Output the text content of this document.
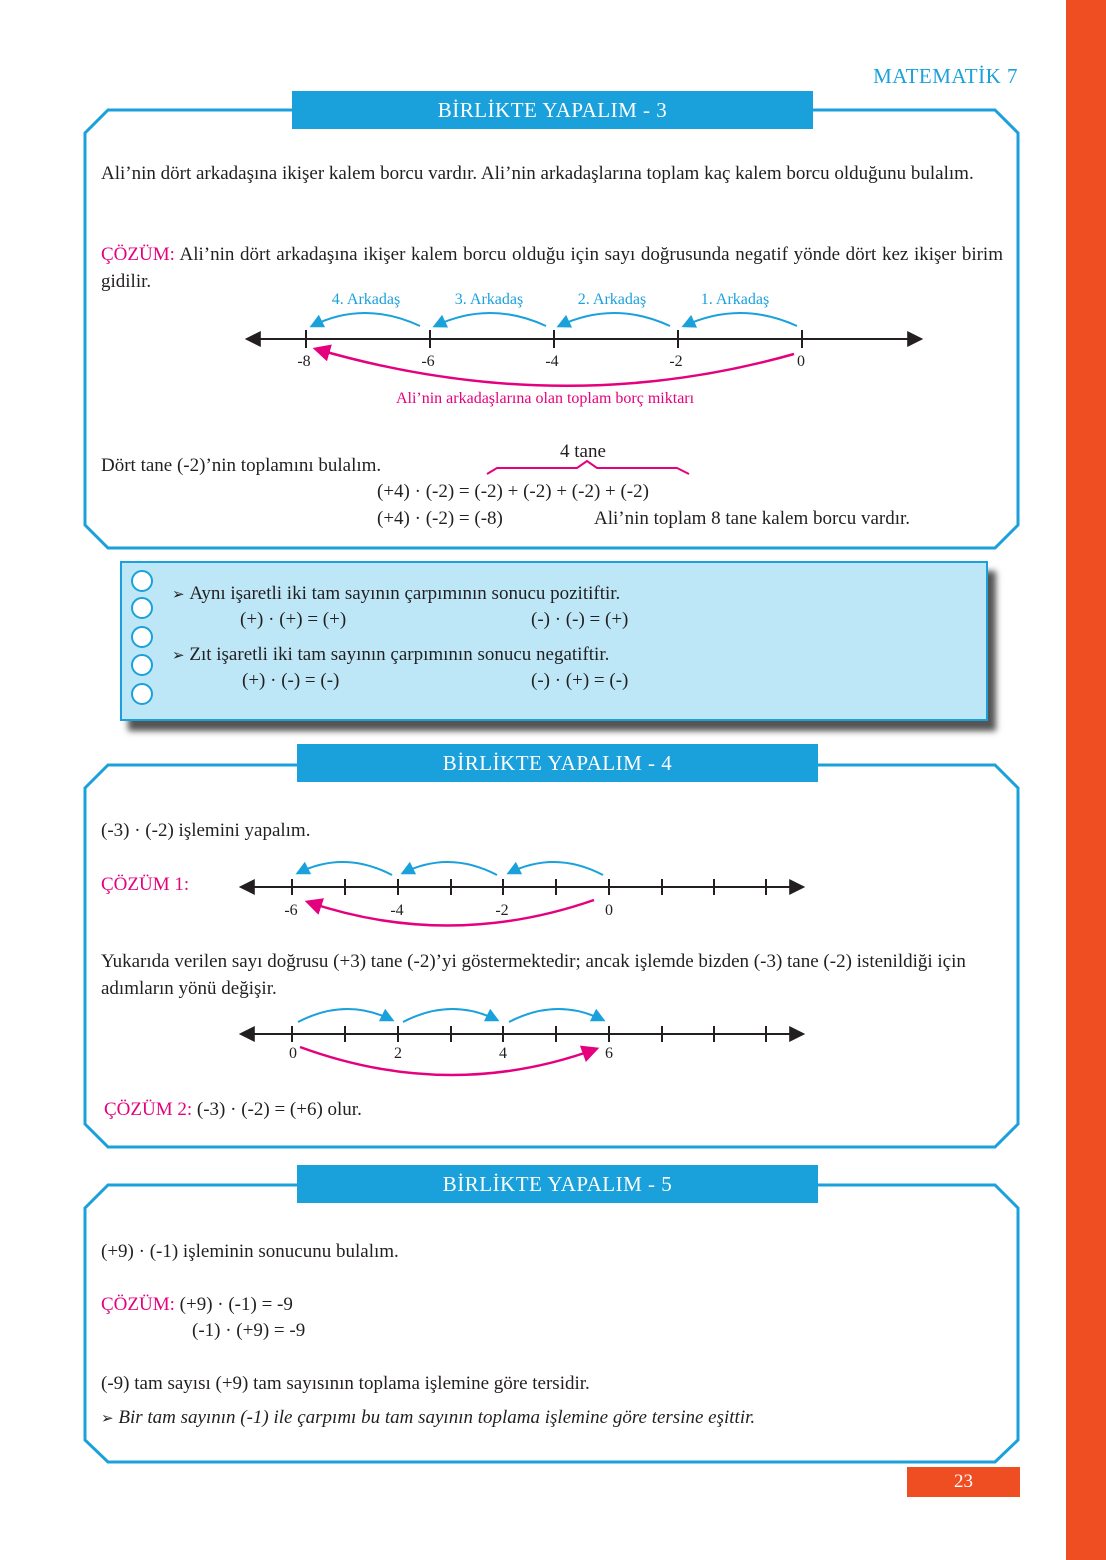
MATEMATİK 7
BİRLİKTE YAPALIM - 3
Ali’nin dört arkadaşına ikişer kalem borcu vardır. Ali’nin arkadaşlarına toplam kaç kalem borcu olduğunu bulalım.
ÇÖZÜM: Ali’nin dört arkadaşına ikişer kalem borcu olduğu için sayı doğrusunda negatif yönde dört kez ikişer birim gidilir.
4. Arkadaş	3. Arkadaş	2. Arkadaş	1. Arkadaş
-8	-6	-4	-2	0
Ali’nin arkadaşlarına olan toplam borç miktarı
Dört tane (-2)’nin toplamını bulalım.
4 tane
(+4) · (-2) = (-2) + (-2) + (-2) + (-2)
(+4) · (-2) = (-8)	Ali’nin toplam 8 tane kalem borcu vardır.
➢ Aynı işaretli iki tam sayının çarpımının sonucu pozitiftir.
(+) · (+) = (+)	(-) · (-) = (+)
➢ Zıt işaretli iki tam sayının çarpımının sonucu negatiftir.
(+) · (-) = (-)	(-) · (+) = (-)
BİRLİKTE YAPALIM - 4
(-3) · (-2) işlemini yapalım.
ÇÖZÜM 1:
-6	-4	-2	0
Yukarıda verilen sayı doğrusu (+3) tane (-2)’yi göstermektedir; ancak işlemde bizden (-3) tane (-2) istenildiği için adımların yönü değişir.
0	2	4	6
ÇÖZÜM 2: (-3) · (-2) = (+6) olur.
BİRLİKTE YAPALIM - 5
(+9) · (-1) işleminin sonucunu bulalım.
ÇÖZÜM: (+9) · (-1) = -9
(-1) · (+9) = -9
(-9) tam sayısı (+9) tam sayısının toplama işlemine göre tersidir.
➢ Bir tam sayının (-1) ile çarpımı bu tam sayının toplama işlemine göre tersine eşittir.
23
